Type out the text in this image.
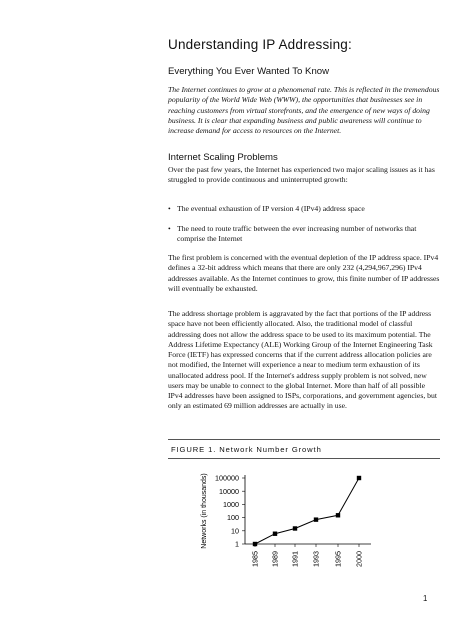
Understanding IP Addressing:
Everything You Ever Wanted To Know
The Internet continues to grow at a phenomenal rate. This is reflected in the tremendous popularity of the World Wide Web (WWW), the opportunities that businesses see in reaching customers from virtual storefronts, and the emergence of new ways of doing business. It is clear that expanding business and public awareness will continue to increase demand for access to resources on the Internet.
Internet Scaling Problems
Over the past few years, the Internet has experienced two major scaling issues as it has struggled to provide continuous and uninterrupted growth:
• The eventual exhaustion of IP version 4 (IPv4) address space
• The need to route traffic between the ever increasing number of networks that comprise the Internet
The first problem is concerned with the eventual depletion of the IP address space. IPv4 defines a 32-bit address which means that there are only 232 (4,294,967,296) IPv4 addresses available. As the Internet continues to grow, this finite number of IP addresses will eventually be exhausted.
The address shortage problem is aggravated by the fact that portions of the IP address space have not been efficiently allocated. Also, the traditional model of classful addressing does not allow the address space to be used to its maximum potential. The Address Lifetime Expectancy (ALE) Working Group of the Internet Engineering Task Force (IETF) has expressed concerns that if the current address allocation policies are not modified, the Internet will experience a near to medium term exhaustion of its unallocated address pool. If the Internet's address supply problem is not solved, new users may be unable to connect to the global Internet. More than half of all possible IPv4 addresses have been assigned to ISPs, corporations, and government agencies, but only an estimated 69 million addresses are actually in use.
FIGURE 1. Network Number Growth
1
10
100
1000
10000
100000
Networks (in thousands)
1985 1989 1991 1993 1995 2000
1
